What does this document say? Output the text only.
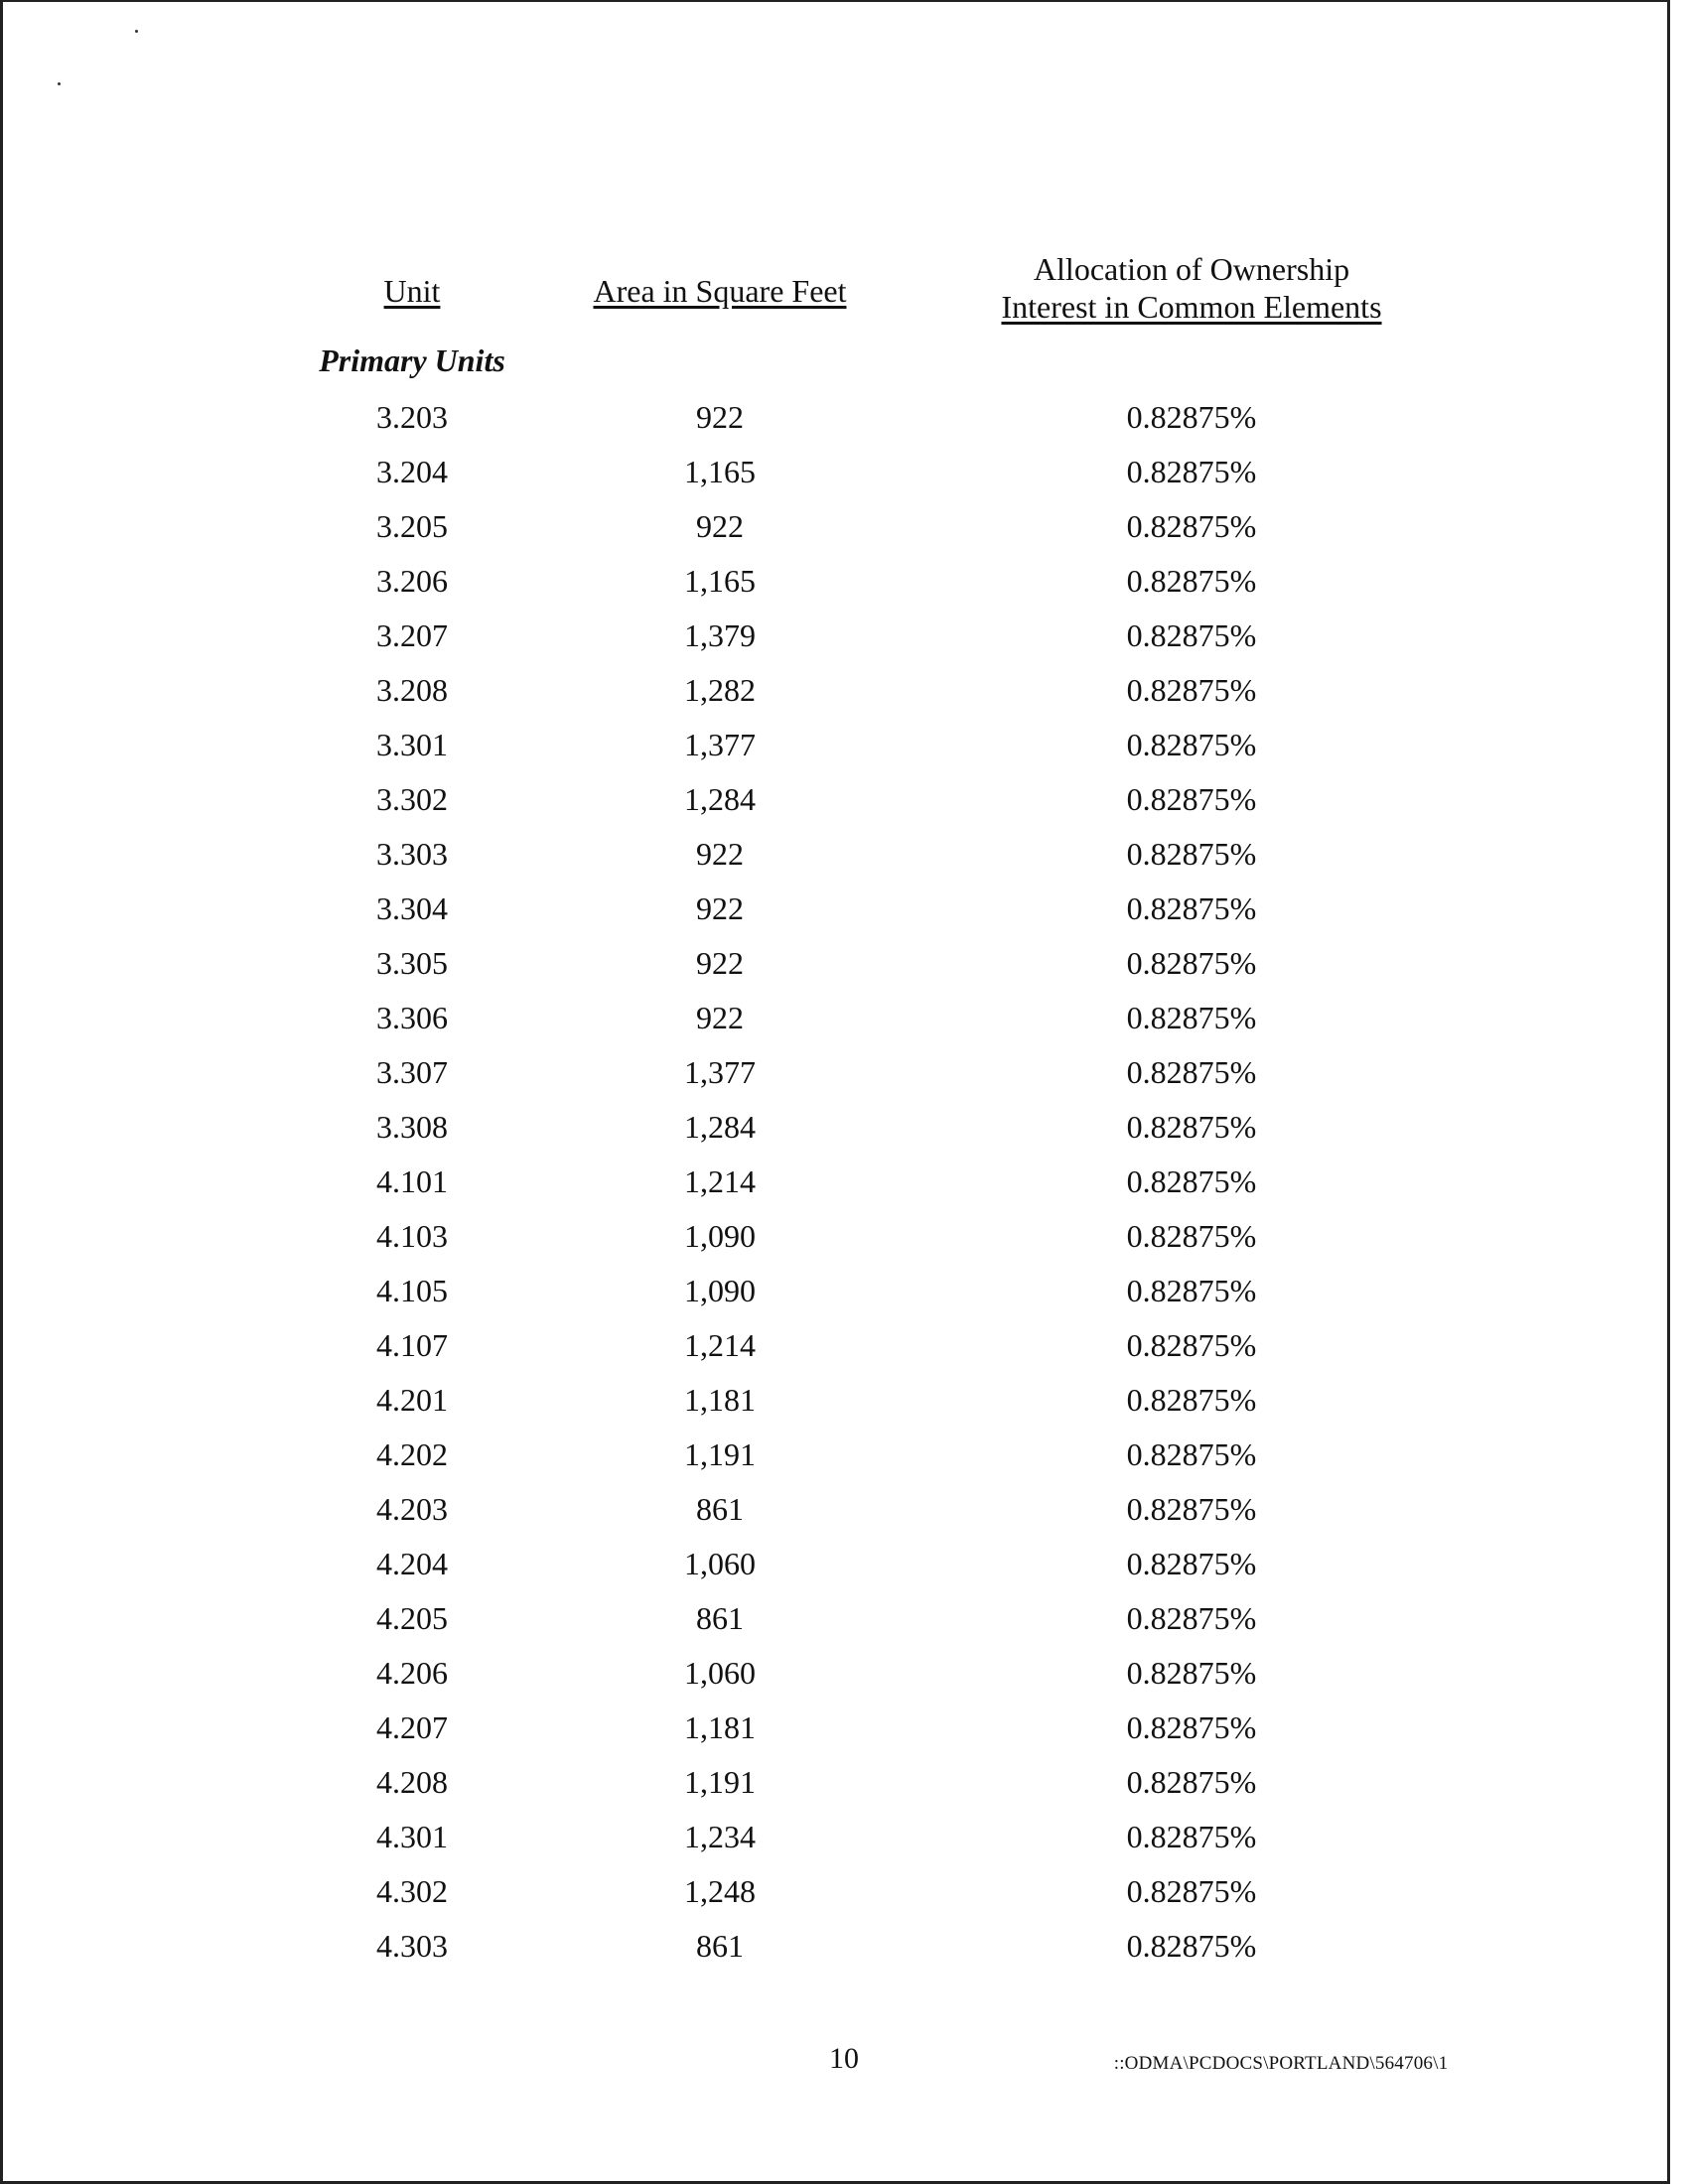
Unit	Area in Square Feet
Allocation of Ownership
Interest in Common Elements
Primary Units
3.203	922	0.82875%
3.204	1,165	0.82875%
3.205	922	0.82875%
3.206	1,165	0.82875%
3.207	1,379	0.82875%
3.208	1,282	0.82875%
3.301	1,377	0.82875%
3.302	1,284	0.82875%
3.303	922	0.82875%
3.304	922	0.82875%
3.305	922	0.82875%
3.306	922	0.82875%
3.307	1,377	0.82875%
3.308	1,284	0.82875%
4.101	1,214	0.82875%
4.103	1,090	0.82875%
4.105	1,090	0.82875%
4.107	1,214	0.82875%
4.201	1,181	0.82875%
4.202	1,191	0.82875%
4.203	861	0.82875%
4.204	1,060	0.82875%
4.205	861	0.82875%
4.206	1,060	0.82875%
4.207	1,181	0.82875%
4.208	1,191	0.82875%
4.301	1,234	0.82875%
4.302	1,248	0.82875%
4.303	861	0.82875%
10	::ODMA\PCDOCS\PORTLAND\564706\1
